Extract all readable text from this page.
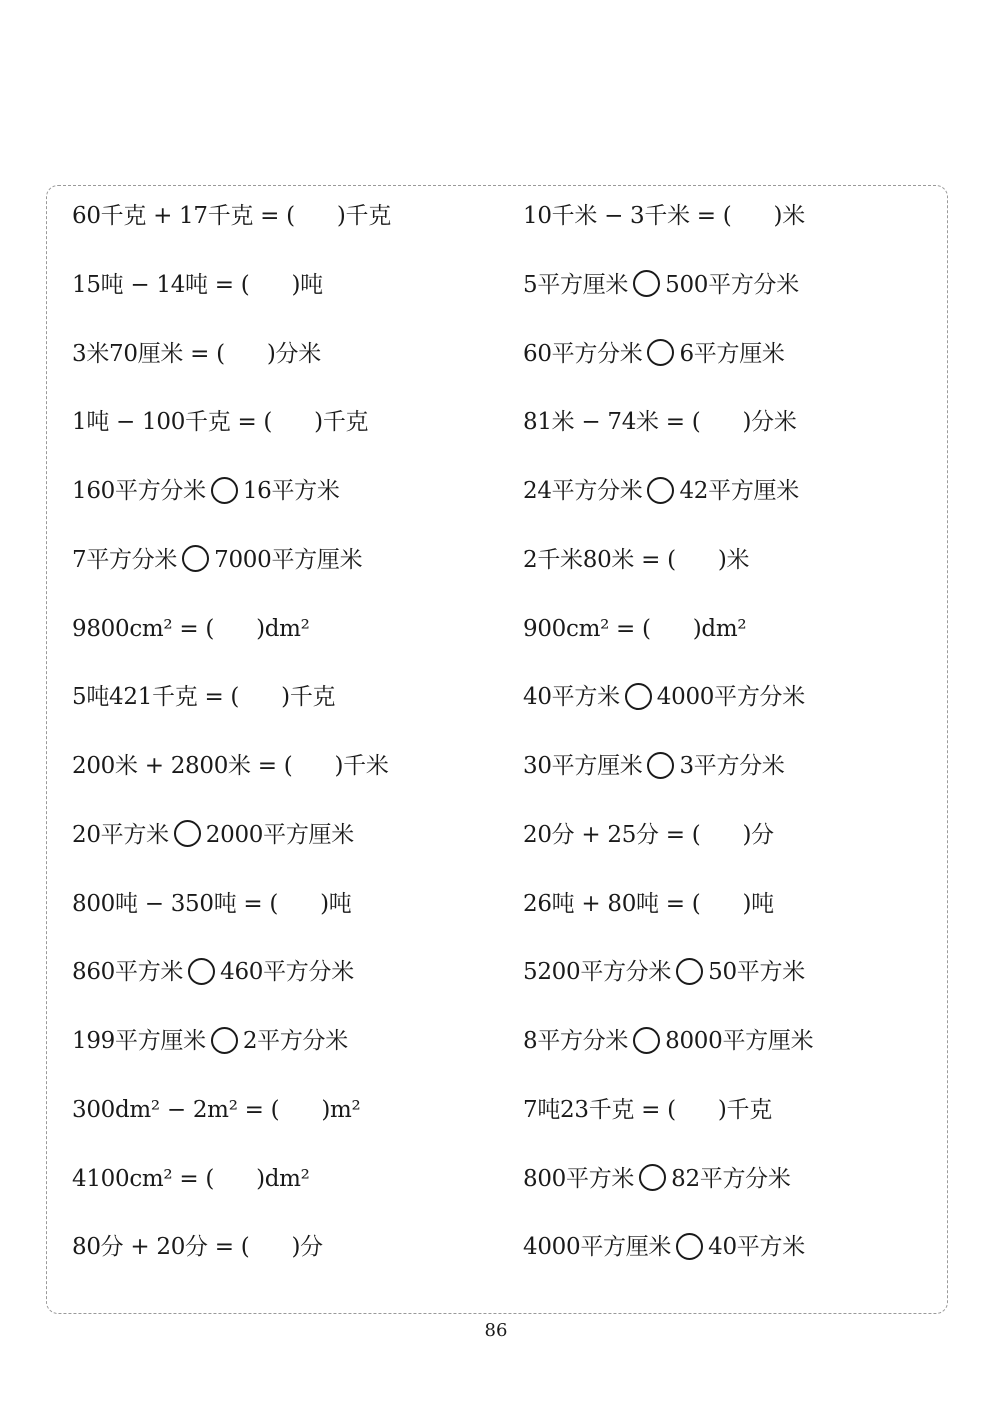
60千克 + 17千克 = (      )千克
15吨 − 14吨 = (      )吨
3米70厘米 = (      )分米
1吨 − 100千克 = (      )千克
160平方分米 16平方米
7平方分米 7000平方厘米
9800cm² = (      )dm²
5吨421千克 = (      )千克
200米 + 2800米 = (      )千米
20平方米 2000平方厘米
800吨 − 350吨 = (      )吨
860平方米 460平方分米
199平方厘米 2平方分米
300dm² − 2m² = (      )m²
4100cm² = (      )dm²
80分 + 20分 = (      )分
10千米 − 3千米 = (      )米
5平方厘米 500平方分米
60平方分米 6平方厘米
81米 − 74米 = (      )分米
24平方分米 42平方厘米
2千米80米 = (      )米
900cm² = (      )dm²
40平方米 4000平方分米
30平方厘米 3平方分米
20分 + 25分 = (      )分
26吨 + 80吨 = (      )吨
5200平方分米 50平方米
8平方分米 8000平方厘米
7吨23千克 = (      )千克
800平方米 82平方分米
4000平方厘米 40平方米
86
